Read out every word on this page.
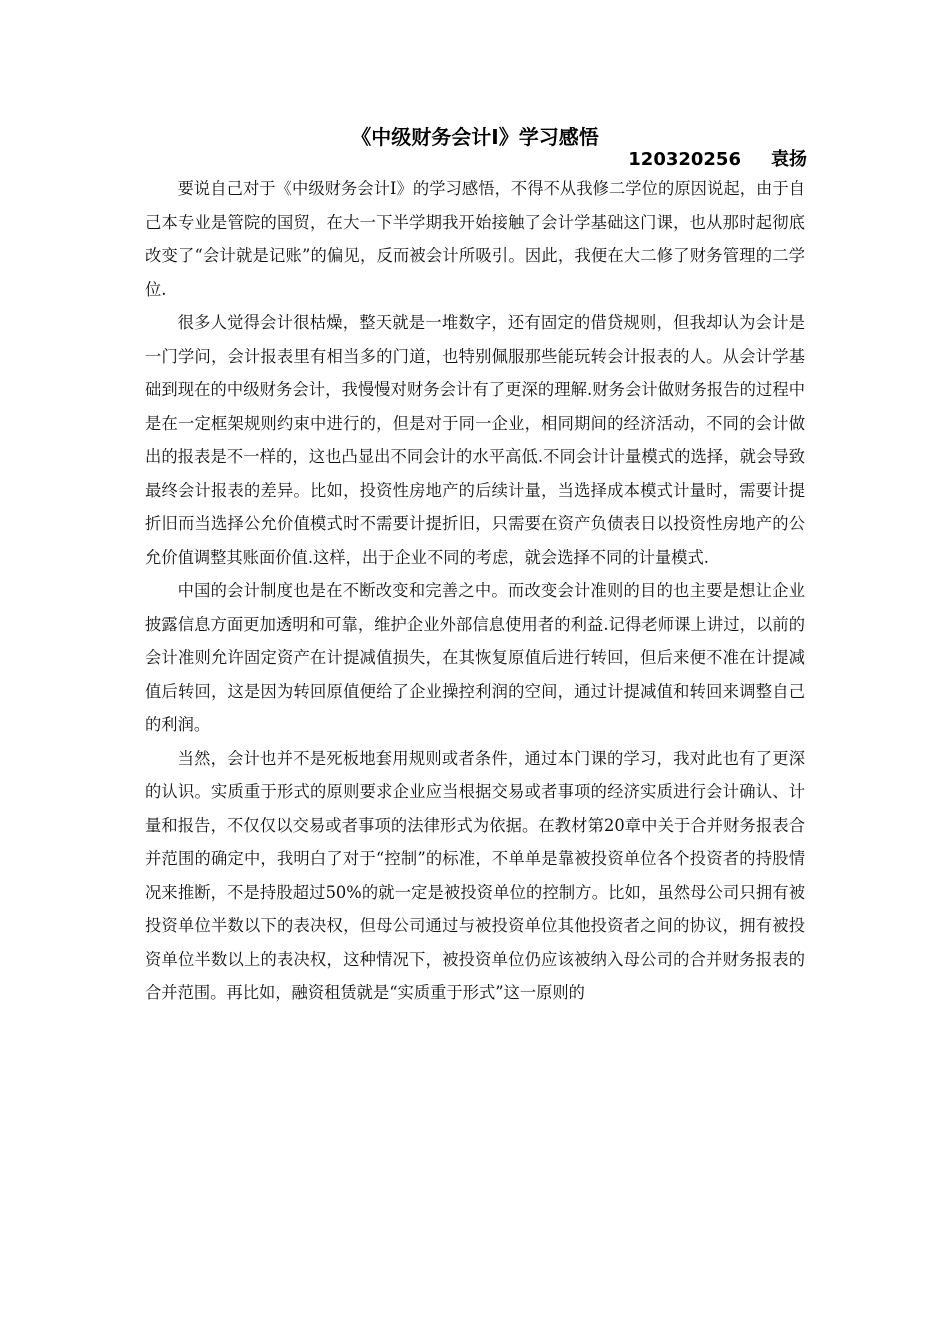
《中级财务会计I》学习感悟
120320256 袁扬

要说自己对于《中级财务会计Ⅰ》的学习感悟，不得不从我修二学位的原因说起，由于自己本专业是管院的国贸，在大一下半学期我开始接触了会计学基础这门课，也从那时起彻底改变了“会计就是记账”的偏见，反而被会计所吸引。因此，我便在大二修了财务管理的二学位.

很多人觉得会计很枯燥，整天就是一堆数字，还有固定的借贷规则，但我却认为会计是一门学问，会计报表里有相当多的门道，也特别佩服那些能玩转会计报表的人。从会计学基础到现在的中级财务会计，我慢慢对财务会计有了更深的理解.财务会计做财务报告的过程中是在一定框架规则约束中进行的，但是对于同一企业，相同期间的经济活动，不同的会计做出的报表是不一样的，这也凸显出不同会计的水平高低.不同会计计量模式的选择，就会导致最终会计报表的差异。比如，投资性房地产的后续计量，当选择成本模式计量时，需要计提折旧而当选择公允价值模式时不需要计提折旧，只需要在资产负债表日以投资性房地产的公允价值调整其账面价值.这样，出于企业不同的考虑，就会选择不同的计量模式.

中国的会计制度也是在不断改变和完善之中。而改变会计准则的目的也主要是想让企业披露信息方面更加透明和可靠，维护企业外部信息使用者的利益.记得老师课上讲过，以前的会计准则允许固定资产在计提减值损失，在其恢复原值后进行转回，但后来便不准在计提减值后转回，这是因为转回原值便给了企业操控利润的空间，通过计提减值和转回来调整自己的利润。

当然，会计也并不是死板地套用规则或者条件，通过本门课的学习，我对此也有了更深的认识。实质重于形式的原则要求企业应当根据交易或者事项的经济实质进行会计确认、计量和报告，不仅仅以交易或者事项的法律形式为依据。在教材第20章中关于合并财务报表合并范围的确定中，我明白了对于“控制”的标准，不单单是靠被投资单位各个投资者的持股情况来推断，不是持股超过50%的就一定是被投资单位的控制方。比如，虽然母公司只拥有被投资单位半数以下的表决权，但母公司通过与被投资单位其他投资者之间的协议，拥有被投资单位半数以上的表决权，这种情况下，被投资单位仍应该被纳入母公司的合并财务报表的合并范围。再比如，融资租赁就是“实质重于形式”这一原则的
